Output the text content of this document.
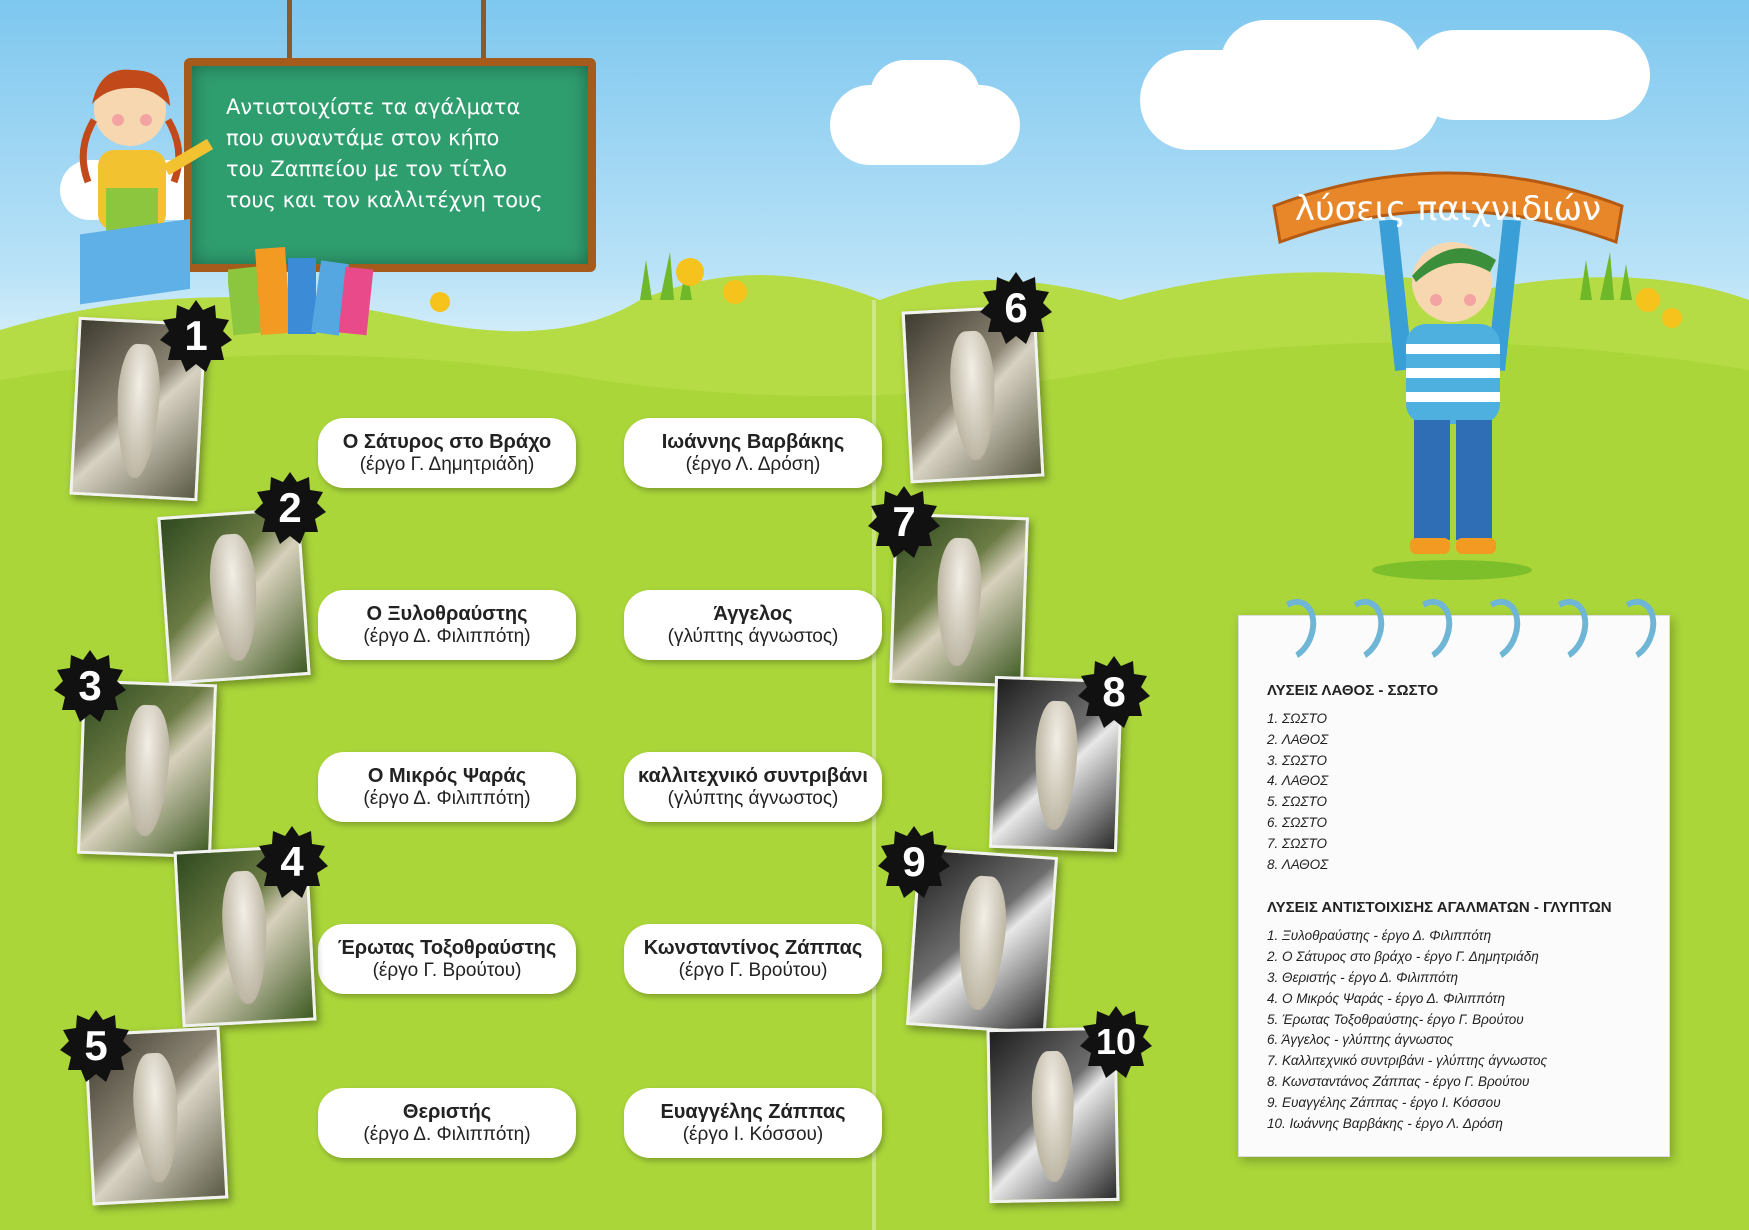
Αντιστοιχίστε τα αγάλματα
που συναντάμε στον κήπο
του Ζαππείου με τον τίτλο
τους και τον καλλιτέχνη τους	λύσεις παιχνιδιών
Ο Σάτυρος στο Βράχο
(έργο Γ. Δημητριάδη)
Ο Ξυλοθραύστης
(έργο Δ. Φιλιππότη)
Ο Μικρός Ψαράς
(έργο Δ. Φιλιππότη)
Έρωτας Τοξοθραύστης
(έργο Γ. Βρούτου)
Θεριστής
(έργο Δ. Φιλιππότη)
Ιωάννης Βαρβάκης
(έργο Λ. Δρόση)
Άγγελος
(γλύπτης άγνωστος)
καλλιτεχνικό συντριβάνι
(γλύπτης άγνωστος)
Κωνσταντίνος Ζάππας
(έργο Γ. Βρούτου)
Ευαγγέλης Ζάππας
(έργο Ι. Κόσσου)
1
2
3
4
5
6
7
8
9
10
ΛΥΣΕΙΣ ΛΑΘΟΣ - ΣΩΣΤΟ
1. ΣΩΣΤΟ
2. ΛΑΘΟΣ
3. ΣΩΣΤΟ
4. ΛΑΘΟΣ
5. ΣΩΣΤΟ
6. ΣΩΣΤΟ
7. ΣΩΣΤΟ
8. ΛΑΘΟΣ
ΛΥΣΕΙΣ ΑΝΤΙΣΤΟΙΧΙΣΗΣ ΑΓΑΛΜΑΤΩΝ - ΓΛΥΠΤΩΝ
1. Ξυλοθραύστης - έργο Δ. Φιλιππότη
2. Ο Σάτυρος στο βράχο - έργο Γ. Δημητριάδη
3. Θεριστής - έργο Δ. Φιλιππότη
4. Ο Μικρός Ψαράς - έργο Δ. Φιλιππότη
5. Έρωτας Τοξοθραύστης- έργο Γ. Βρούτου
6. Άγγελος - γλύπτης άγνωστος
7. Καλλιτεχνικό συντριβάνι - γλύπτης άγνωστος
8. Κωνσταντάνος Ζάππας - έργο Γ. Βρούτου
9. Ευαγγέλης Ζάππας - έργο Ι. Κόσσου
10. Ιωάννης Βαρβάκης - έργο Λ. Δρόση
